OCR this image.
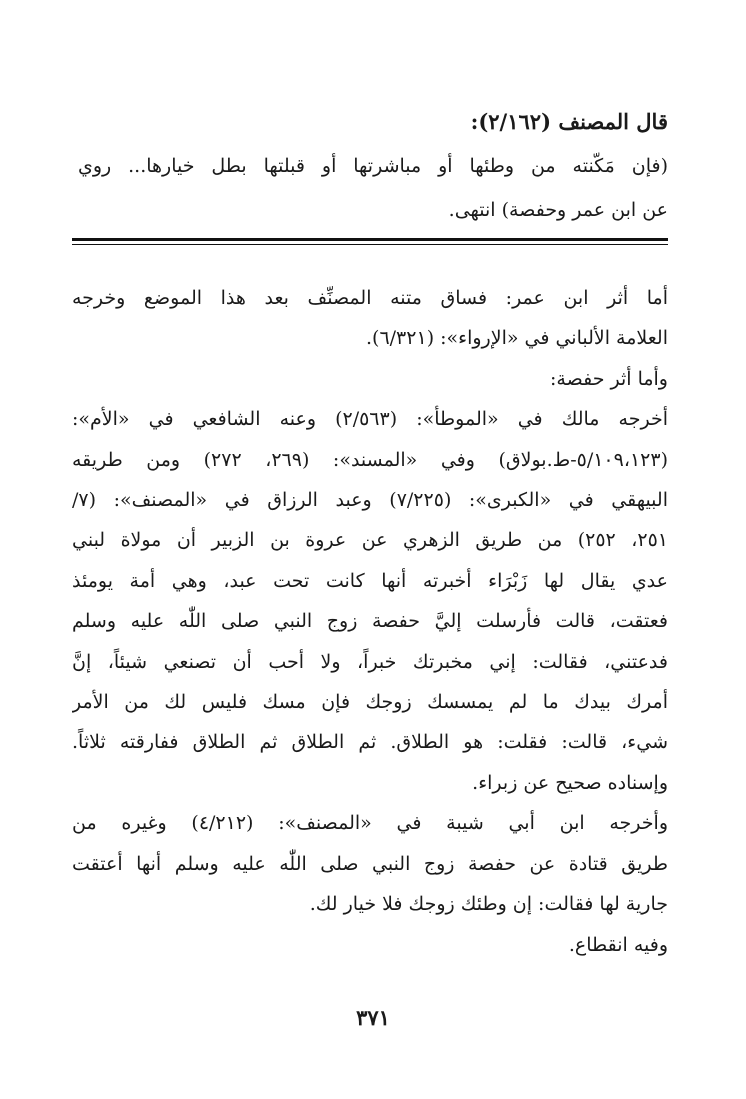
قال المصنف (٢/١٦٢):
(فإن مَكّنته من وطئها أو مباشرتها أو قبلتها بطل خيارها... روي
عن ابن عمر وحفصة) انتهى.
أما أثر ابن عمر: فساق متنه المصنِّف بعد هذا الموضع وخرجه
العلامة الألباني في «الإرواء»: (٦/٣٢١).
وأما أثر حفصة:
أخرجه مالك في «الموطأ»: (٢/٥٦٣) وعنه الشافعي في «الأم»:
(٥/١٠٩،١٢٣-ط.بولاق) وفي «المسند»: (٢٦٩، ٢٧٢) ومن طريقه
البيهقي في «الكبرى»: (٧/٢٢٥) وعبد الرزاق في «المصنف»: (٧/
٢٥١، ٢٥٢) من طريق الزهري عن عروة بن الزبير أن مولاة لبني
عدي يقال لها زَبْرَاء أخبرته أنها كانت تحت عبد، وهي أمة يومئذ
فعتقت، قالت فأرسلت إليَّ حفصة زوج النبي صلى اللّٰه عليه وسلم
فدعتني، فقالت: إني مخبرتك خبراً، ولا أحب أن تصنعي شيئاً، إنَّ
أمرك بيدك ما لم يمسسك زوجك فإن مسك فليس لك من الأمر
شيء، قالت: فقلت: هو الطلاق. ثم الطلاق ثم الطلاق ففارقته ثلاثاً.
وإسناده صحيح عن زبراء.
وأخرجه ابن أبي شيبة في «المصنف»: (٤/٢١٢) وغيره من
طريق قتادة عن حفصة زوج النبي صلى اللّٰه عليه وسلم أنها أعتقت
جارية لها فقالت: إن وطئك زوجك فلا خيار لك.
وفيه انقطاع.
٣٧١
